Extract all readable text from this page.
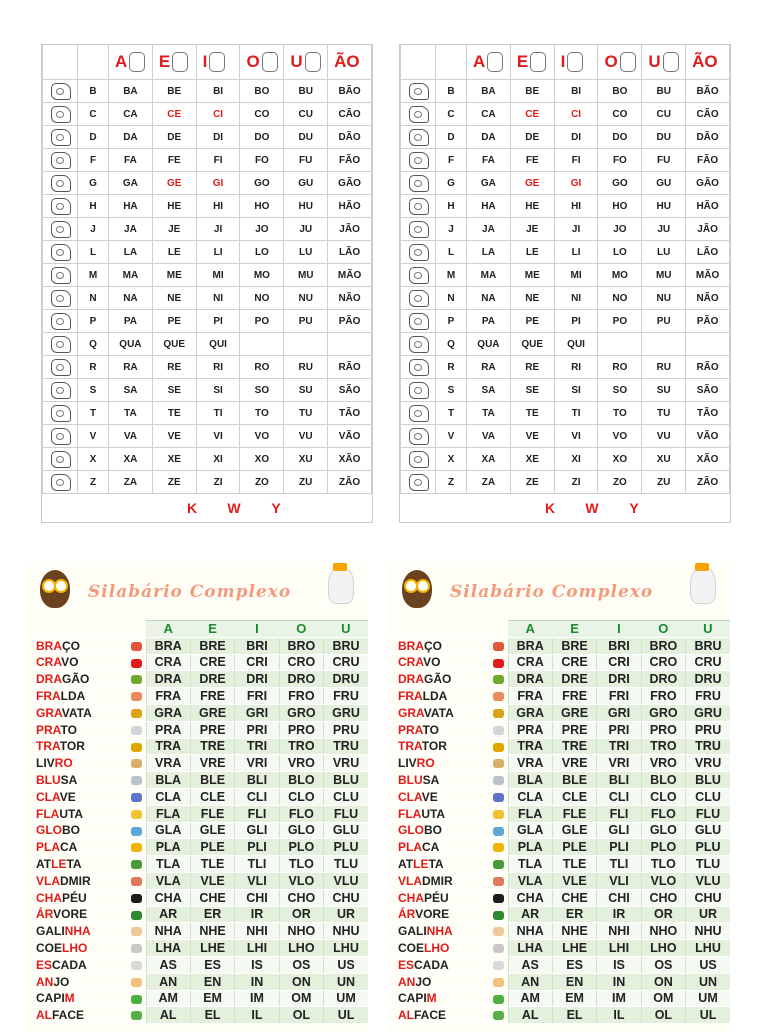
		A	E	I	O	U	ÃO

	B	BA	BE	BI	BO	BU	BÃO

	C	CA	CE	CI	CO	CU	CÃO

	D	DA	DE	DI	DO	DU	DÃO

	F	FA	FE	FI	FO	FU	FÃO

	G	GA	GE	GI	GO	GU	GÃO

	H	HA	HE	HI	HO	HU	HÃO

	J	JA	JE	JI	JO	JU	JÃO

	L	LA	LE	LI	LO	LU	LÃO

	M	MA	ME	MI	MO	MU	MÃO

	N	NA	NE	NI	NO	NU	NÃO

	P	PA	PE	PI	PO	PU	PÃO

	Q	QUA	QUE	QUI			

	R	RA	RE	RI	RO	RU	RÃO

	S	SA	SE	SI	SO	SU	SÃO

	T	TA	TE	TI	TO	TU	TÃO

	V	VA	VE	VI	VO	VU	VÃO

	X	XA	XE	XI	XO	XU	XÃO

	Z	ZA	ZE	ZI	ZO	ZU	ZÃO
K W Y							
		A	E	I	O	U	ÃO

	B	BA	BE	BI	BO	BU	BÃO

	C	CA	CE	CI	CO	CU	CÃO

	D	DA	DE	DI	DO	DU	DÃO

	F	FA	FE	FI	FO	FU	FÃO

	G	GA	GE	GI	GO	GU	GÃO

	H	HA	HE	HI	HO	HU	HÃO

	J	JA	JE	JI	JO	JU	JÃO

	L	LA	LE	LI	LO	LU	LÃO

	M	MA	ME	MI	MO	MU	MÃO

	N	NA	NE	NI	NO	NU	NÃO

	P	PA	PE	PI	PO	PU	PÃO

	Q	QUA	QUE	QUI			

	R	RA	RE	RI	RO	RU	RÃO

	S	SA	SE	SI	SO	SU	SÃO

	T	TA	TE	TI	TO	TU	TÃO

	V	VA	VE	VI	VO	VU	VÃO

	X	XA	XE	XI	XO	XU	XÃO

	Z	ZA	ZE	ZI	ZO	ZU	ZÃO
K W Y							
Silabário Complexo
		A	E	I	O	U
BRAÇO		BRA	BRE	BRI	BRO	BRU
CRAVO		CRA	CRE	CRI	CRO	CRU
DRAGÃO		DRA	DRE	DRI	DRO	DRU
FRALDA		FRA	FRE	FRI	FRO	FRU
GRAVATA		GRA	GRE	GRI	GRO	GRU
PRATO		PRA	PRE	PRI	PRO	PRU
TRATOR		TRA	TRE	TRI	TRO	TRU
LIVRO		VRA	VRE	VRI	VRO	VRU
BLUSA		BLA	BLE	BLI	BLO	BLU
CLAVE		CLA	CLE	CLI	CLO	CLU
FLAUTA		FLA	FLE	FLI	FLO	FLU
GLOBO		GLA	GLE	GLI	GLO	GLU
PLACA		PLA	PLE	PLI	PLO	PLU
ATLETA		TLA	TLE	TLI	TLO	TLU
VLADMIR		VLA	VLE	VLI	VLO	VLU
CHAPÉU		CHA	CHE	CHI	CHO	CHU
ÁRVORE		AR	ER	IR	OR	UR
GALINHA		NHA	NHE	NHI	NHO	NHU
COELHO		LHA	LHE	LHI	LHO	LHU
ESCADA		AS	ES	IS	OS	US
ANJO		AN	EN	IN	ON	UN
CAPIM		AM	EM	IM	OM	UM
ALFACE		AL	EL	IL	OL	UL
Silabário Complexo
		A	E	I	O	U
BRAÇO		BRA	BRE	BRI	BRO	BRU
CRAVO		CRA	CRE	CRI	CRO	CRU
DRAGÃO		DRA	DRE	DRI	DRO	DRU
FRALDA		FRA	FRE	FRI	FRO	FRU
GRAVATA		GRA	GRE	GRI	GRO	GRU
PRATO		PRA	PRE	PRI	PRO	PRU
TRATOR		TRA	TRE	TRI	TRO	TRU
LIVRO		VRA	VRE	VRI	VRO	VRU
BLUSA		BLA	BLE	BLI	BLO	BLU
CLAVE		CLA	CLE	CLI	CLO	CLU
FLAUTA		FLA	FLE	FLI	FLO	FLU
GLOBO		GLA	GLE	GLI	GLO	GLU
PLACA		PLA	PLE	PLI	PLO	PLU
ATLETA		TLA	TLE	TLI	TLO	TLU
VLADMIR		VLA	VLE	VLI	VLO	VLU
CHAPÉU		CHA	CHE	CHI	CHO	CHU
ÁRVORE		AR	ER	IR	OR	UR
GALINHA		NHA	NHE	NHI	NHO	NHU
COELHO		LHA	LHE	LHI	LHO	LHU
ESCADA		AS	ES	IS	OS	US
ANJO		AN	EN	IN	ON	UN
CAPIM		AM	EM	IM	OM	UM
ALFACE		AL	EL	IL	OL	UL
